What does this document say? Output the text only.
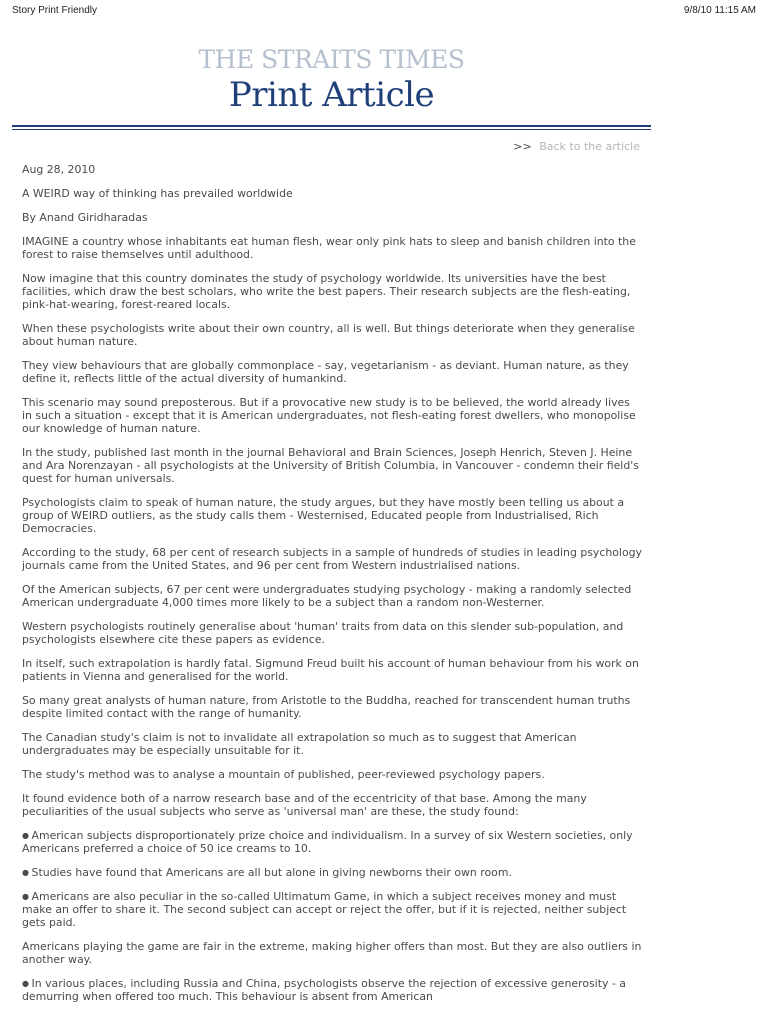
Story Print Friendly	9/8/10 11:15 AM
THE STRAITS TIMES
Print Article
>> Back to the article

Aug 28, 2010

A WEIRD way of thinking has prevailed worldwide

By Anand Giridharadas

IMAGINE a country whose inhabitants eat human flesh, wear only pink hats to sleep and banish children into the forest to raise themselves until adulthood.

Now imagine that this country dominates the study of psychology worldwide. Its universities have the best facilities, which draw the best scholars, who write the best papers. Their research subjects are the flesh-eating, pink-hat-wearing, forest-reared locals.

When these psychologists write about their own country, all is well. But things deteriorate when they generalise about human nature.

They view behaviours that are globally commonplace - say, vegetarianism - as deviant. Human nature, as they define it, reflects little of the actual diversity of humankind.

This scenario may sound preposterous. But if a provocative new study is to be believed, the world already lives in such a situation - except that it is American undergraduates, not flesh-eating forest dwellers, who monopolise our knowledge of human nature.

In the study, published last month in the journal Behavioral and Brain Sciences, Joseph Henrich, Steven J. Heine and Ara Norenzayan - all psychologists at the University of British Columbia, in Vancouver - condemn their field's quest for human universals.

Psychologists claim to speak of human nature, the study argues, but they have mostly been telling us about a group of WEIRD outliers, as the study calls them - Westernised, Educated people from Industrialised, Rich Democracies.

According to the study, 68 per cent of research subjects in a sample of hundreds of studies in leading psychology journals came from the United States, and 96 per cent from Western industrialised nations.

Of the American subjects, 67 per cent were undergraduates studying psychology - making a randomly selected American undergraduate 4,000 times more likely to be a subject than a random non-Westerner.

Western psychologists routinely generalise about 'human' traits from data on this slender sub-population, and psychologists elsewhere cite these papers as evidence.

In itself, such extrapolation is hardly fatal. Sigmund Freud built his account of human behaviour from his work on patients in Vienna and generalised for the world.

So many great analysts of human nature, from Aristotle to the Buddha, reached for transcendent human truths despite limited contact with the range of humanity.

The Canadian study's claim is not to invalidate all extrapolation so much as to suggest that American undergraduates may be especially unsuitable for it.

The study's method was to analyse a mountain of published, peer-reviewed psychology papers.

It found evidence both of a narrow research base and of the eccentricity of that base. Among the many peculiarities of the usual subjects who serve as 'universal man' are these, the study found:

● American subjects disproportionately prize choice and individualism. In a survey of six Western societies, only Americans preferred a choice of 50 ice creams to 10.

● Studies have found that Americans are all but alone in giving newborns their own room.

● Americans are also peculiar in the so-called Ultimatum Game, in which a subject receives money and must make an offer to share it. The second subject can accept or reject the offer, but if it is rejected, neither subject gets paid.

Americans playing the game are fair in the extreme, making higher offers than most. But they are also outliers in another way.

● In various places, including Russia and China, psychologists observe the rejection of excessive generosity - a demurring when offered too much. This behaviour is absent from American
